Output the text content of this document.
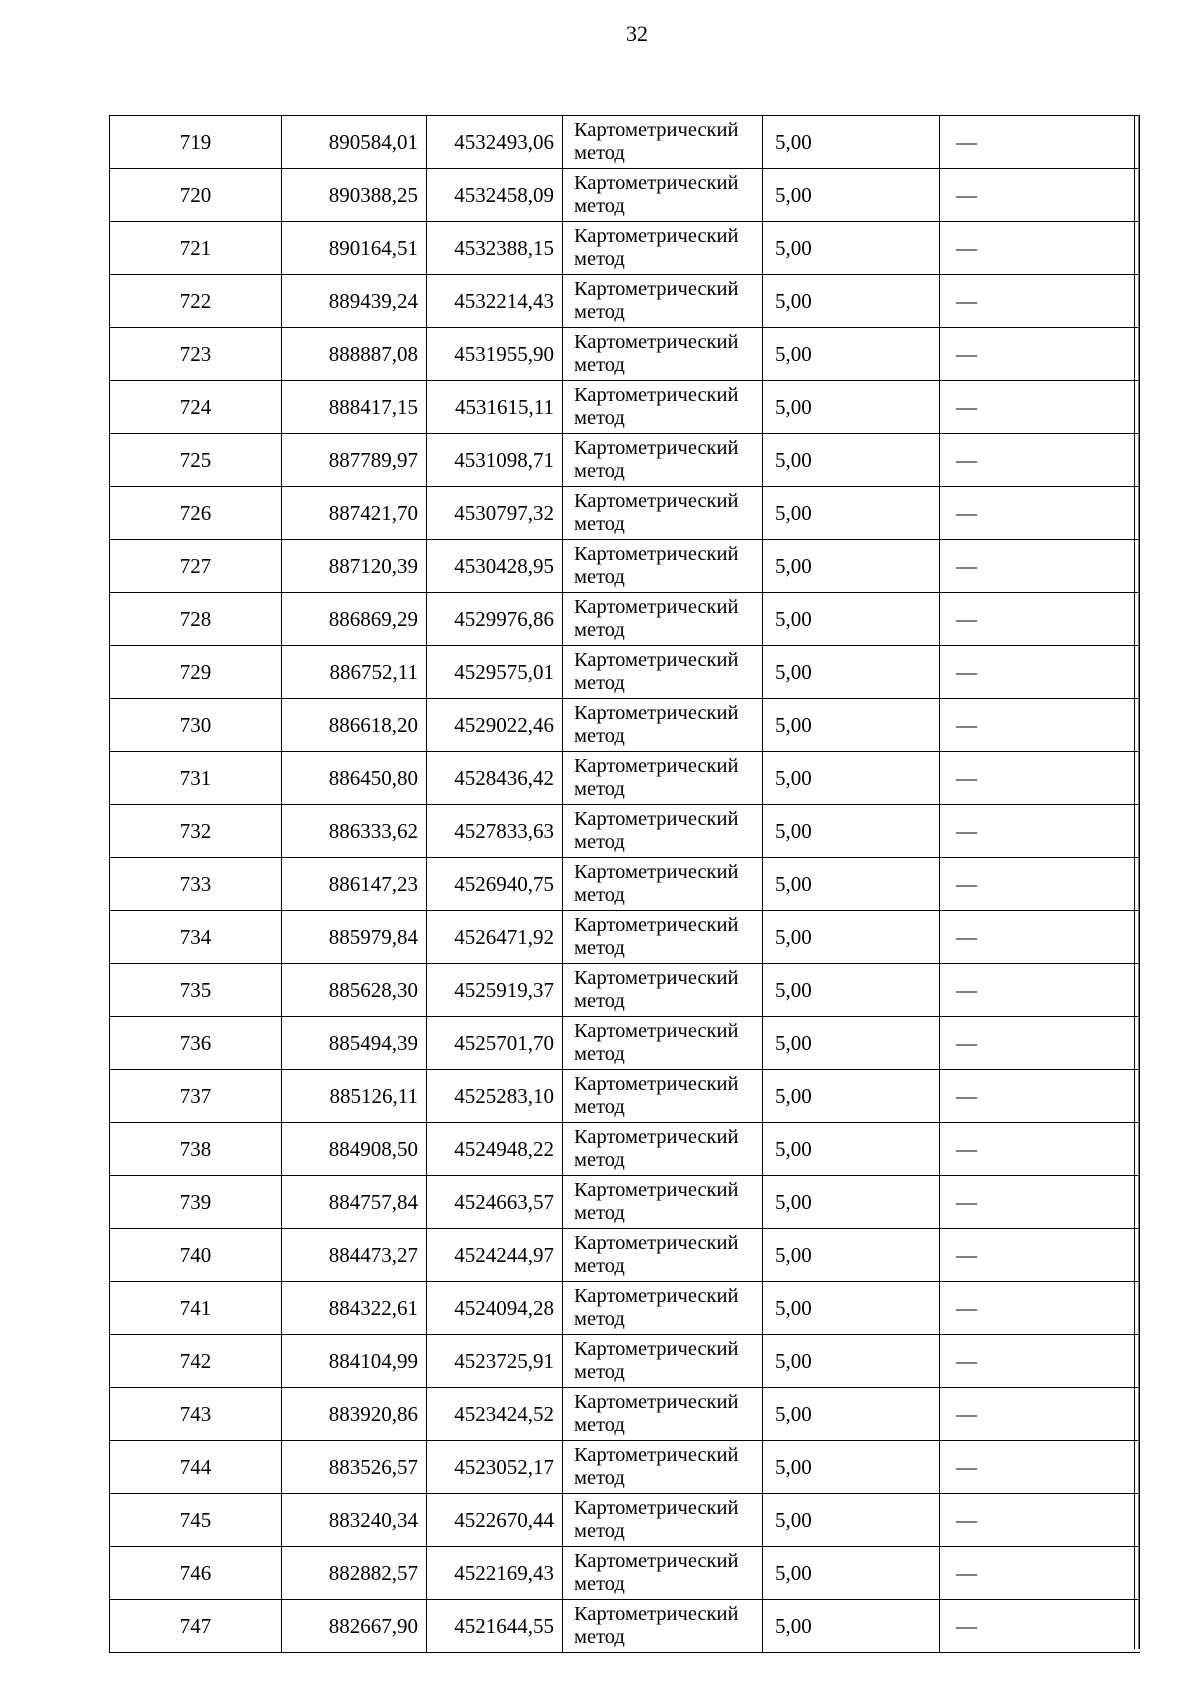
32
719	890584,01	4532493,06	Картометрический метод	5,00	—
720	890388,25	4532458,09	Картометрический метод	5,00	—
721	890164,51	4532388,15	Картометрический метод	5,00	—
722	889439,24	4532214,43	Картометрический метод	5,00	—
723	888887,08	4531955,90	Картометрический метод	5,00	—
724	888417,15	4531615,11	Картометрический метод	5,00	—
725	887789,97	4531098,71	Картометрический метод	5,00	—
726	887421,70	4530797,32	Картометрический метод	5,00	—
727	887120,39	4530428,95	Картометрический метод	5,00	—
728	886869,29	4529976,86	Картометрический метод	5,00	—
729	886752,11	4529575,01	Картометрический метод	5,00	—
730	886618,20	4529022,46	Картометрический метод	5,00	—
731	886450,80	4528436,42	Картометрический метод	5,00	—
732	886333,62	4527833,63	Картометрический метод	5,00	—
733	886147,23	4526940,75	Картометрический метод	5,00	—
734	885979,84	4526471,92	Картометрический метод	5,00	—
735	885628,30	4525919,37	Картометрический метод	5,00	—
736	885494,39	4525701,70	Картометрический метод	5,00	—
737	885126,11	4525283,10	Картометрический метод	5,00	—
738	884908,50	4524948,22	Картометрический метод	5,00	—
739	884757,84	4524663,57	Картометрический метод	5,00	—
740	884473,27	4524244,97	Картометрический метод	5,00	—
741	884322,61	4524094,28	Картометрический метод	5,00	—
742	884104,99	4523725,91	Картометрический метод	5,00	—
743	883920,86	4523424,52	Картометрический метод	5,00	—
744	883526,57	4523052,17	Картометрический метод	5,00	—
745	883240,34	4522670,44	Картометрический метод	5,00	—
746	882882,57	4522169,43	Картометрический метод	5,00	—
747	882667,90	4521644,55	Картометрический метод	5,00	—
